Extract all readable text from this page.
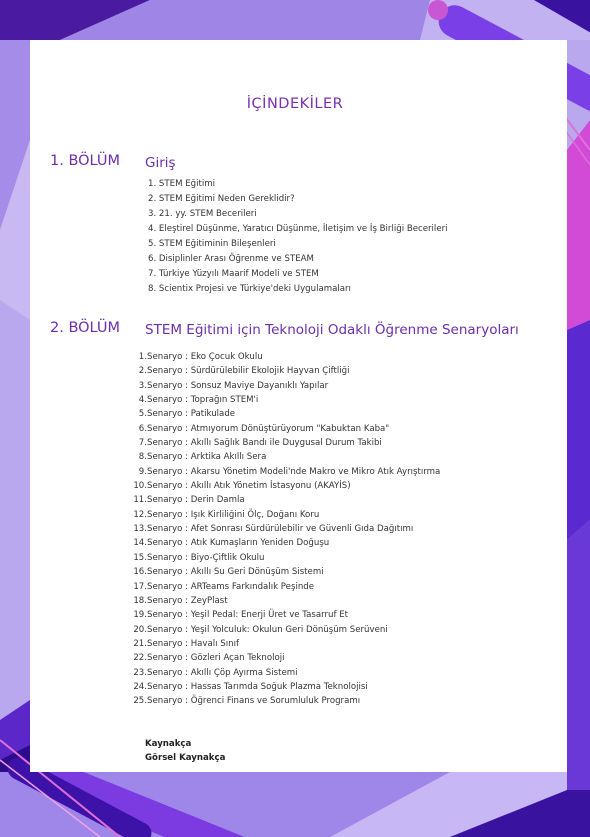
İÇİNDEKİLER
1. BÖLÜM Giriş
1. STEM Eğitimi
2. STEM Eğitimi Neden Gereklidir?
3. 21. yy. STEM Becerileri
4. Eleştirel Düşünme, Yaratıcı Düşünme, İletişim ve İş Birliği Becerileri
5. STEM Eğitiminin Bileşenleri
6. Disiplinler Arası Öğrenme ve STEAM
7. Türkiye Yüzyılı Maarif Modeli ve STEM
8. Scientix Projesi ve Türkiye'deki Uygulamaları
2. BÖLÜM STEM Eğitimi için Teknoloji Odaklı Öğrenme Senaryoları
1.Senaryo : Eko Çocuk Okulu
2.Senaryo : Sürdürülebilir Ekolojik Hayvan Çiftliği
3.Senaryo : Sonsuz Maviye Dayanıklı Yapılar
4.Senaryo : Toprağın STEM'i
5.Senaryo : Patikulade
6.Senaryo : Atmıyorum Dönüştürüyorum "Kabuktan Kaba"
7.Senaryo : Akıllı Sağlık Bandı ile Duygusal Durum Takibi
8.Senaryo : Arktika Akıllı Sera
9.Senaryo : Akarsu Yönetim Modeli'nde Makro ve Mikro Atık Ayrıştırma
10.Senaryo : Akıllı Atık Yönetim İstasyonu (AKAYİS)
11.Senaryo : Derin Damla
12.Senaryo : Işık Kirliliğini Ölç, Doğanı Koru
13.Senaryo : Afet Sonrası Sürdürülebilir ve Güvenli Gıda Dağıtımı
14.Senaryo : Atık Kumaşların Yeniden Doğuşu
15.Senaryo : Biyo-Çiftlik Okulu
16.Senaryo : Akıllı Su Geri Dönüşüm Sistemi
17.Senaryo : ARTeams Farkındalık Peşinde
18.Senaryo : ZeyPlast
19.Senaryo : Yeşil Pedal: Enerji Üret ve Tasarruf Et
20.Senaryo : Yeşil Yolculuk: Okulun Geri Dönüşüm Serüveni
21.Senaryo : Havalı Sınıf
22.Senaryo : Gözleri Açan Teknoloji
23.Senaryo : Akıllı Çöp Ayırma Sistemi
24.Senaryo : Hassas Tarımda Soğuk Plazma Teknolojisi
25.Senaryo : Öğrenci Finans ve Sorumluluk Programı
Kaynakça
Görsel Kaynakça
